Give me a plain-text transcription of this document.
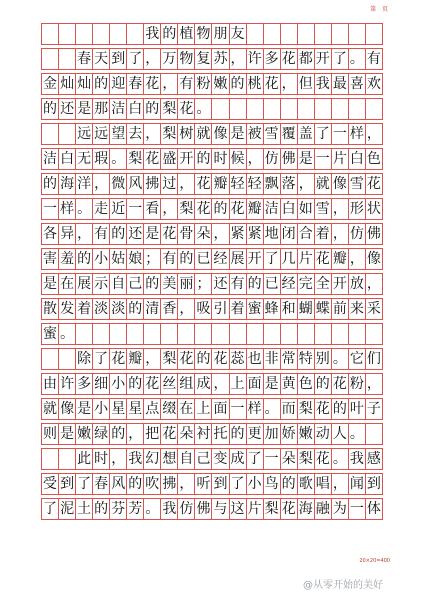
第 页
我 的 植 物 朋 友
春 天 到 了 ， 万 物 复 苏 ， 许 多 花 都 开 了 。 有
金 灿 灿 的 迎 春 花 ， 有 粉 嫩 的 桃 花 ， 但 我 最 喜 欢
的 还 是 那 洁 白 的 梨 花 。
远 远 望 去 ， 梨 树 就 像 是 被 雪 覆 盖 了 一 样 ，
洁 白 无 瑕 。 梨 花 盛 开 的 时 候 ， 仿 佛 是 一 片 白 色
的 海 洋 ， 微 风 拂 过 ， 花 瓣 轻 轻 飘 落 ， 就 像 雪 花
一 样 。 走 近 一 看 ， 梨 花 的 花 瓣 洁 白 如 雪 ， 形 状
各 异 ， 有 的 还 是 花 骨 朵 ， 紧 紧 地 闭 合 着 ， 仿 佛
害 羞 的 小 姑 娘 ； 有 的 已 经 展 开 了 几 片 花 瓣 ， 像
是 在 展 示 自 己 的 美 丽 ； 还 有 的 已 经 完 全 开 放 ，
散 发 着 淡 淡 的 清 香 ， 吸 引 着 蜜 蜂 和 蝴 蝶 前 来 采
蜜 。
除 了 花 瓣 ， 梨 花 的 花 蕊 也 非 常 特 别 。 它 们
由 许 多 细 小 的 花 丝 组 成 ， 上 面 是 黄 色 的 花 粉 ，
就 像 是 小 星 星 点 缀 在 上 面 一 样 。 而 梨 花 的 叶 子
则 是 嫩 绿 的 ， 把 花 朵 衬 托 的 更 加 娇 嫩 动 人 。
此 时 ， 我 幻 想 自 己 变 成 了 一 朵 梨 花 。 我 感
受 到 了 春 风 的 吹 拂 ， 听 到 了 小 鸟 的 歌 唱 ， 闻 到
了 泥 土 的 芬 芳 。 我 仿 佛 与 这 片 梨 花 海 融 为 一 体
20×20=400
@从零开始的美好
